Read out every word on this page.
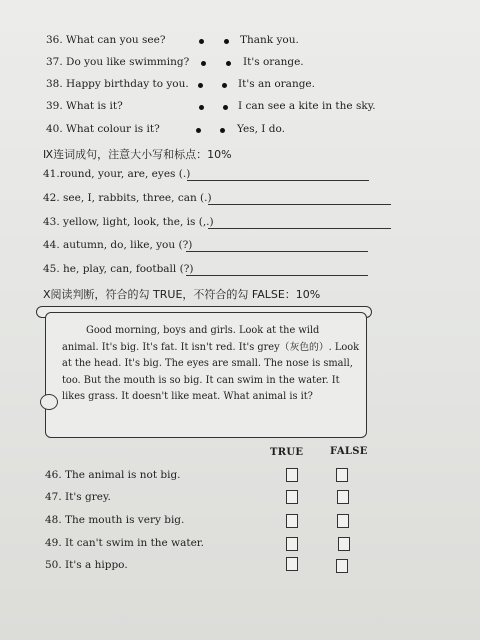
36. What can you see?
37. Do you like swimming?
38. Happy birthday to you.
39. What is it?
40. What colour is it?
Thank you.
It's orange.
It's an orange.
I can see a kite in the sky.
Yes, I do.
Ⅸ连词成句，注意大小写和标点：10%
41.round, your, are, eyes (.)
42. see, I, rabbits, three, can (.)
43. yellow, light, look, the, is (,.)
44. autumn, do, like, you (?)
45. he, play, can, football (?)
Ⅹ阅读判断，符合的勾 TRUE，不符合的勾 FALSE：10%

Good morning, boys and girls. Look at the wild

animal. It's big. It's fat. It isn't red. It's grey（灰色的）. Look

at the head. It's big. The eyes are small. The nose is small,

too. But the mouth is so big. It can swim in the water. It

likes grass. It doesn't like meat. What animal is it?

TRUE	FALSE
46. The animal is not big.
47. It's grey.
48. The mouth is very big.
49. It can't swim in the water.
50. It's a hippo.
